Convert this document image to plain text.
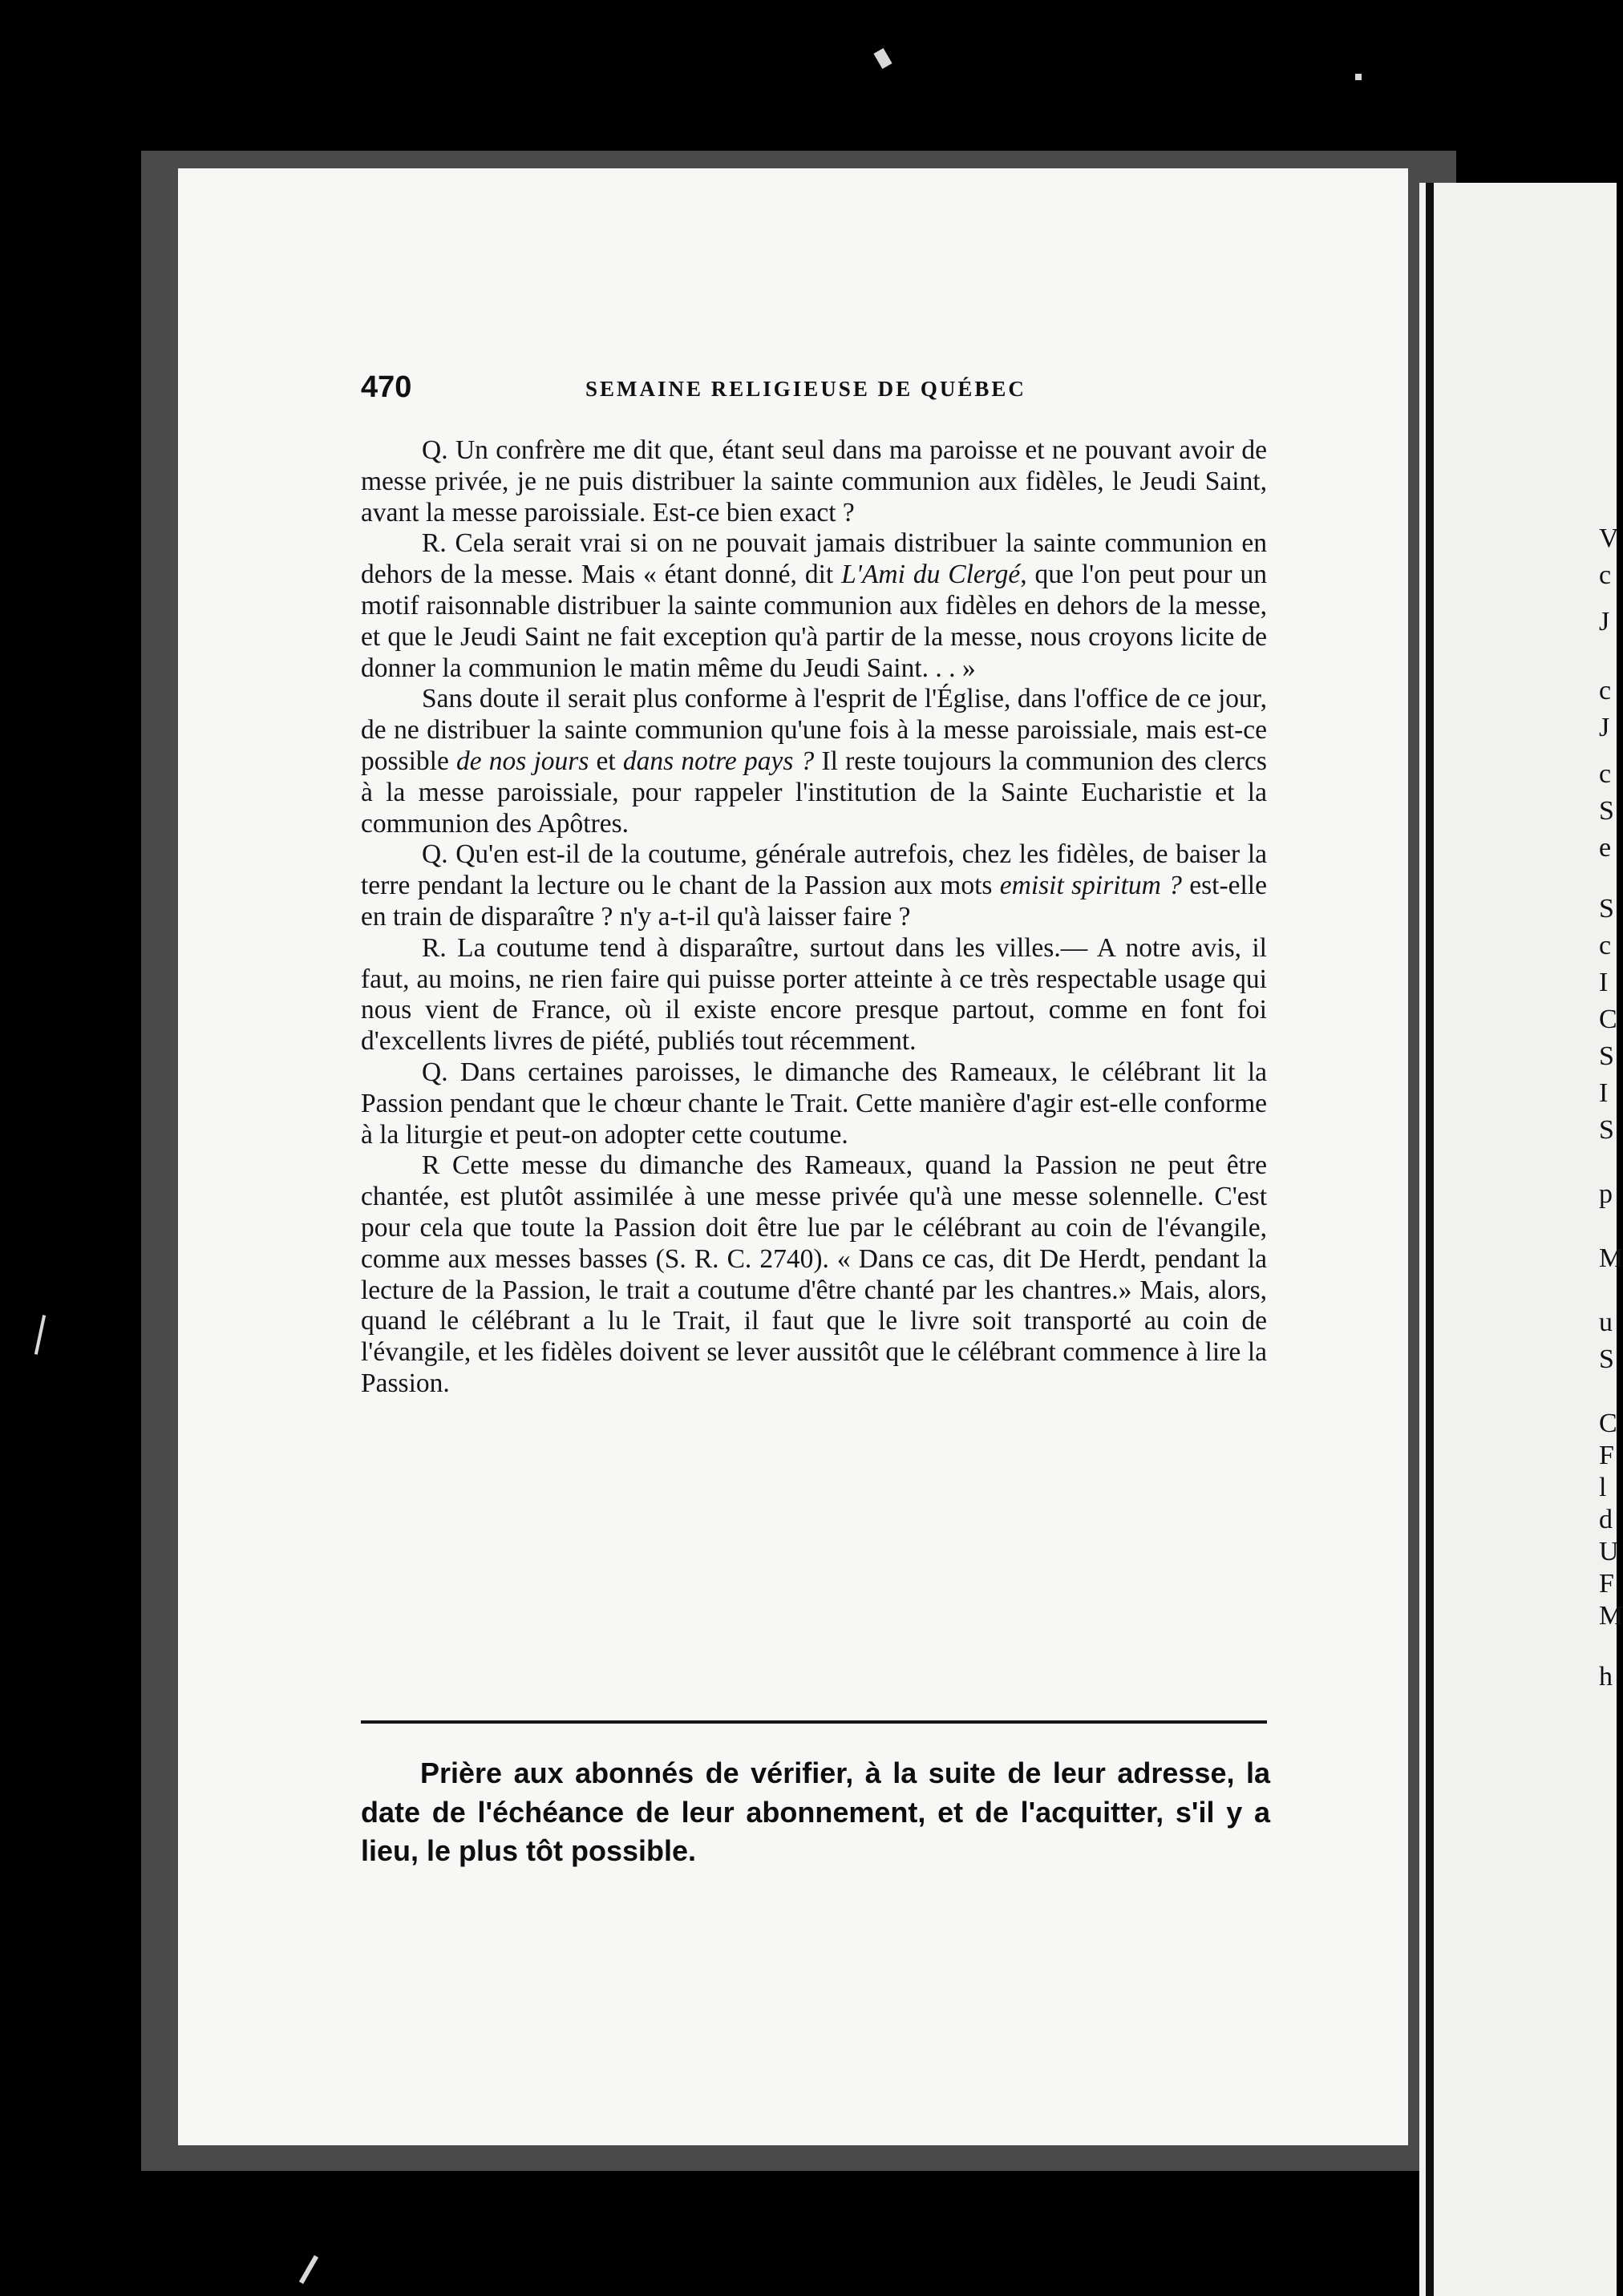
V
c
J
c
J
c
S
e
S
c
I
C
S
I
S
p
M
u
S
C
F
l
d
U
F
M
h
470	SEMAINE RELIGIEUSE DE QUÉBEC

Q. Un confrère me dit que, étant seul dans ma paroisse et ne pouvant avoir de messe privée, je ne puis distribuer la sainte communion aux fidèles, le Jeudi Saint, avant la messe paroissiale. Est-ce bien exact ?

R. Cela serait vrai si on ne pouvait jamais distribuer la sainte communion en dehors de la messe. Mais « étant donné, dit L'Ami du Clergé, que l'on peut pour un motif raisonnable distribuer la sainte communion aux fidèles en dehors de la messe, et que le Jeudi Saint ne fait exception qu'à partir de la messe, nous croyons licite de donner la communion le matin même du Jeudi Saint. . . »

Sans doute il serait plus conforme à l'esprit de l'Église, dans l'office de ce jour, de ne distribuer la sainte communion qu'une fois à la messe paroissiale, mais est-ce possible de nos jours et dans notre pays ? Il reste toujours la communion des clercs à la messe paroissiale, pour rappeler l'institution de la Sainte Eucharistie et la communion des Apôtres.

Q. Qu'en est-il de la coutume, générale autrefois, chez les fidèles, de baiser la terre pendant la lecture ou le chant de la Passion aux mots emisit spiritum ? est-elle en train de disparaître ? n'y a-t-il qu'à laisser faire ?

R. La coutume tend à disparaître, surtout dans les villes.— A notre avis, il faut, au moins, ne rien faire qui puisse porter atteinte à ce très respectable usage qui nous vient de France, où il existe encore presque partout, comme en font foi d'excellents livres de piété, publiés tout récemment.

Q. Dans certaines paroisses, le dimanche des Rameaux, le célébrant lit la Passion pendant que le chœur chante le Trait. Cette manière d'agir est-elle conforme à la liturgie et peut-on adopter cette coutume.

R Cette messe du dimanche des Rameaux, quand la Passion ne peut être chantée, est plutôt assimilée à une messe privée qu'à une messe solennelle. C'est pour cela que toute la Passion doit être lue par le célébrant au coin de l'évangile, comme aux messes basses (S. R. C. 2740). « Dans ce cas, dit De Herdt, pendant la lecture de la Passion, le trait a coutume d'être chanté par les chantres.» Mais, alors, quand le célébrant a lu le Trait, il faut que le livre soit transporté au coin de l'évangile, et les fidèles doivent se lever aussitôt que le célébrant commence à lire la Passion.

Prière aux abonnés de vérifier, à la suite de leur adresse, la date de l'échéance de leur abonnement, et de l'acquitter, s'il y a lieu, le plus tôt possible.
